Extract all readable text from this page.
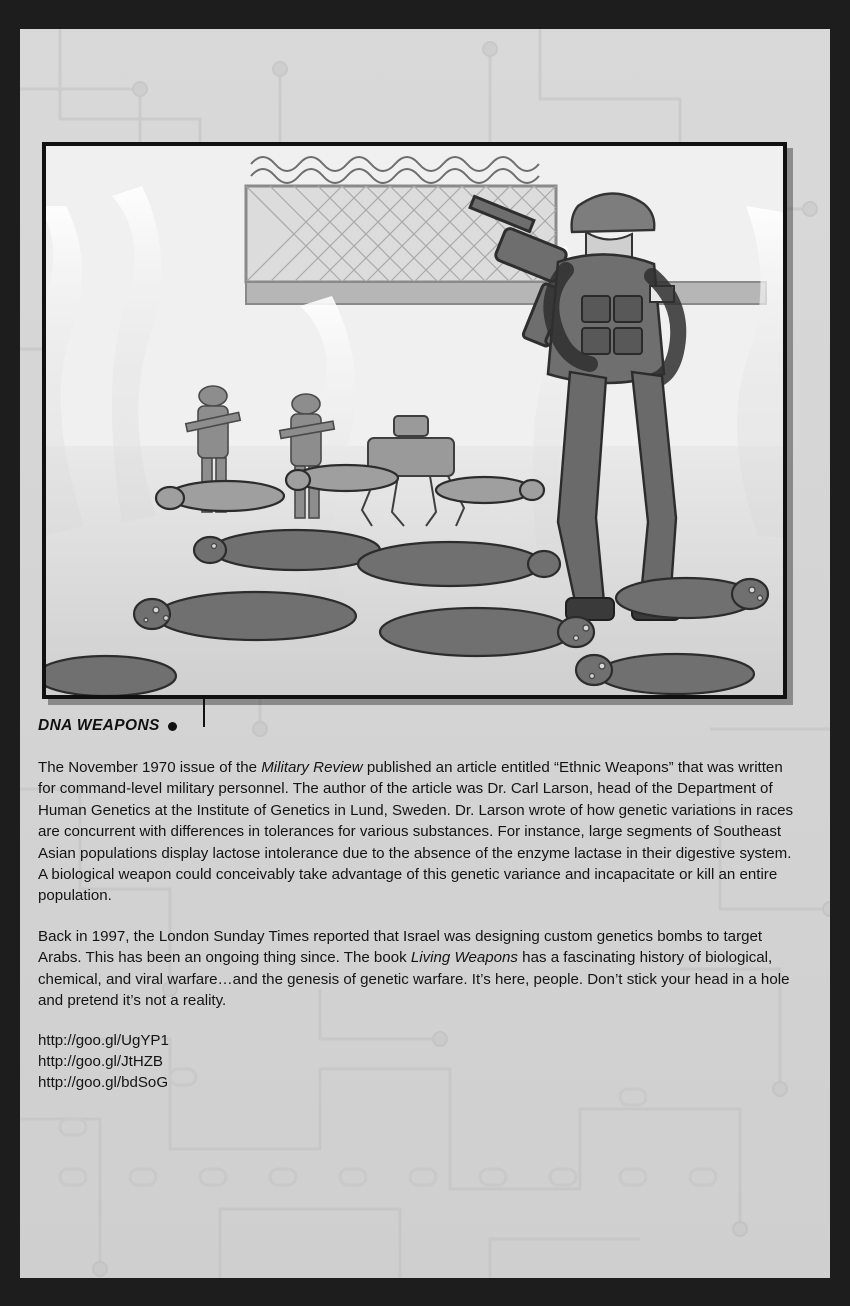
DNA WEAPONS

The November 1970 issue of the Military Review published an article entitled “Ethnic Weapons” that was written for command-level military personnel. The author of the article was Dr. Carl Larson, head of the Department of Human Genetics at the Institute of Genetics in Lund, Sweden. Dr. Larson wrote of how genetic variations in races are concurrent with differences in tolerances for various substances. For instance, large segments of Southeast Asian populations display lactose intolerance due to the absence of the enzyme lactase in their digestive system. A biological weapon could conceivably take advantage of this genetic variance and incapacitate or kill an entire population.

Back in 1997, the London Sunday Times reported that Israel was designing custom genetics bombs to target Arabs. This has been an ongoing thing since. The book Living Weapons has a fascinating history of biological, chemical, and viral warfare…and the genesis of genetic warfare. It’s here, people. Don’t stick your head in a hole and pretend it’s not a reality.

http://goo.gl/UgYP1
http://goo.gl/JtHZB
http://goo.gl/bdSoG
